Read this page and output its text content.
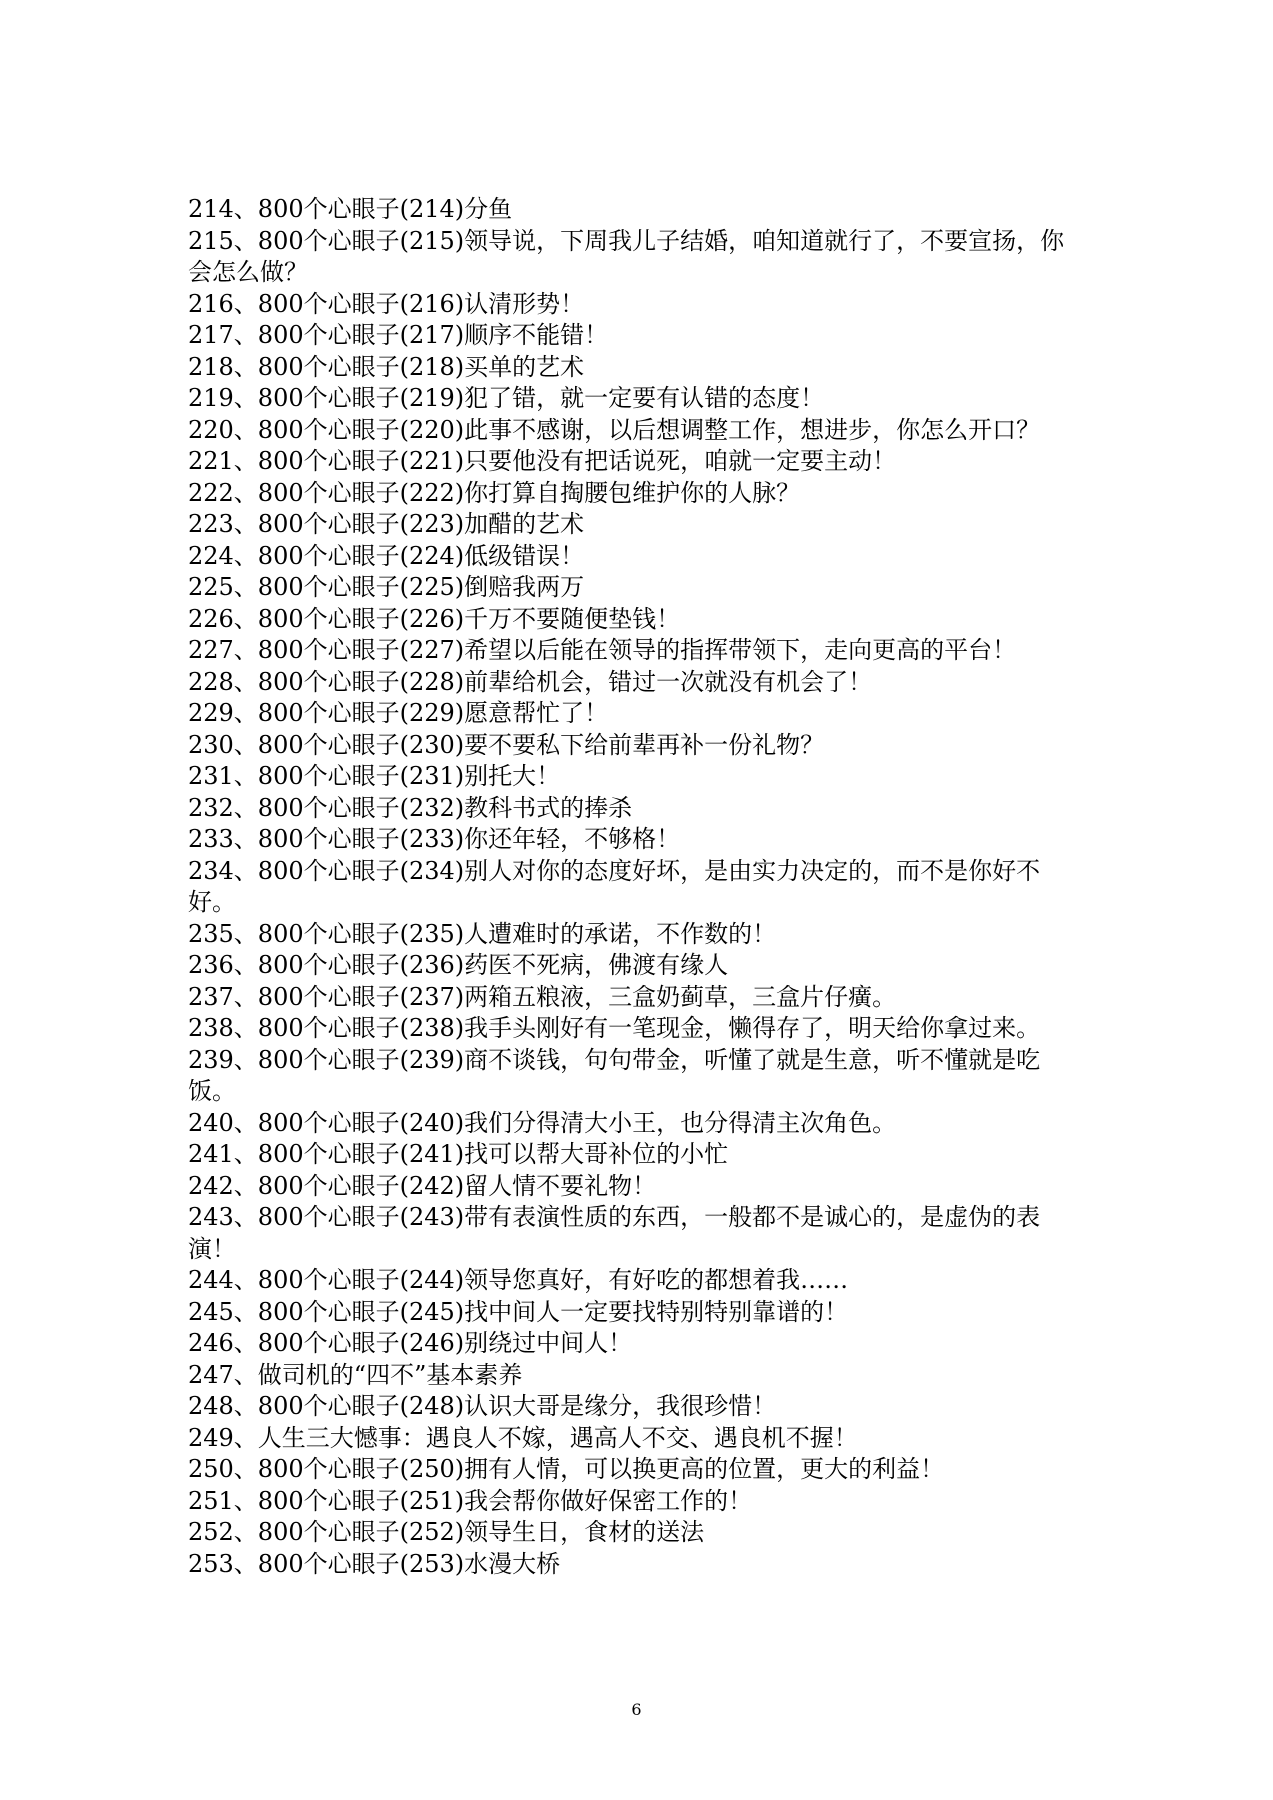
214、800个心眼子(214)分鱼
215、800个心眼子(215)领导说，下周我儿子结婚，咱知道就行了，不要宣扬，你会怎么做？
216、800个心眼子(216)认清形势！
217、800个心眼子(217)顺序不能错！
218、800个心眼子(218)买单的艺术
219、800个心眼子(219)犯了错，就一定要有认错的态度！
220、800个心眼子(220)此事不感谢，以后想调整工作，想进步，你怎么开口？
221、800个心眼子(221)只要他没有把话说死，咱就一定要主动！
222、800个心眼子(222)你打算自掏腰包维护你的人脉？
223、800个心眼子(223)加醋的艺术
224、800个心眼子(224)低级错误！
225、800个心眼子(225)倒赔我两万
226、800个心眼子(226)千万不要随便垫钱！
227、800个心眼子(227)希望以后能在领导的指挥带领下，走向更高的平台！
228、800个心眼子(228)前辈给机会，错过一次就没有机会了！
229、800个心眼子(229)愿意帮忙了！
230、800个心眼子(230)要不要私下给前辈再补一份礼物？
231、800个心眼子(231)别托大！
232、800个心眼子(232)教科书式的捧杀
233、800个心眼子(233)你还年轻，不够格！
234、800个心眼子(234)别人对你的态度好坏，是由实力决定的，而不是你好不好。
235、800个心眼子(235)人遭难时的承诺，不作数的！
236、800个心眼子(236)药医不死病，佛渡有缘人
237、800个心眼子(237)两箱五粮液，三盒奶蓟草，三盒片仔癀。
238、800个心眼子(238)我手头刚好有一笔现金，懒得存了，明天给你拿过来。
239、800个心眼子(239)商不谈钱，句句带金，听懂了就是生意，听不懂就是吃饭。
240、800个心眼子(240)我们分得清大小王，也分得清主次角色。
241、800个心眼子(241)找可以帮大哥补位的小忙
242、800个心眼子(242)留人情不要礼物！
243、800个心眼子(243)带有表演性质的东西，一般都不是诚心的，是虚伪的表演！
244、800个心眼子(244)领导您真好，有好吃的都想着我……
245、800个心眼子(245)找中间人一定要找特别特别靠谱的！
246、800个心眼子(246)别绕过中间人！
247、做司机的“四不”基本素养
248、800个心眼子(248)认识大哥是缘分，我很珍惜！
249、人生三大憾事：遇良人不嫁，遇高人不交、遇良机不握！
250、800个心眼子(250)拥有人情，可以换更高的位置，更大的利益！
251、800个心眼子(251)我会帮你做好保密工作的！
252、800个心眼子(252)领导生日，食材的送法
253、800个心眼子(253)水漫大桥
6
